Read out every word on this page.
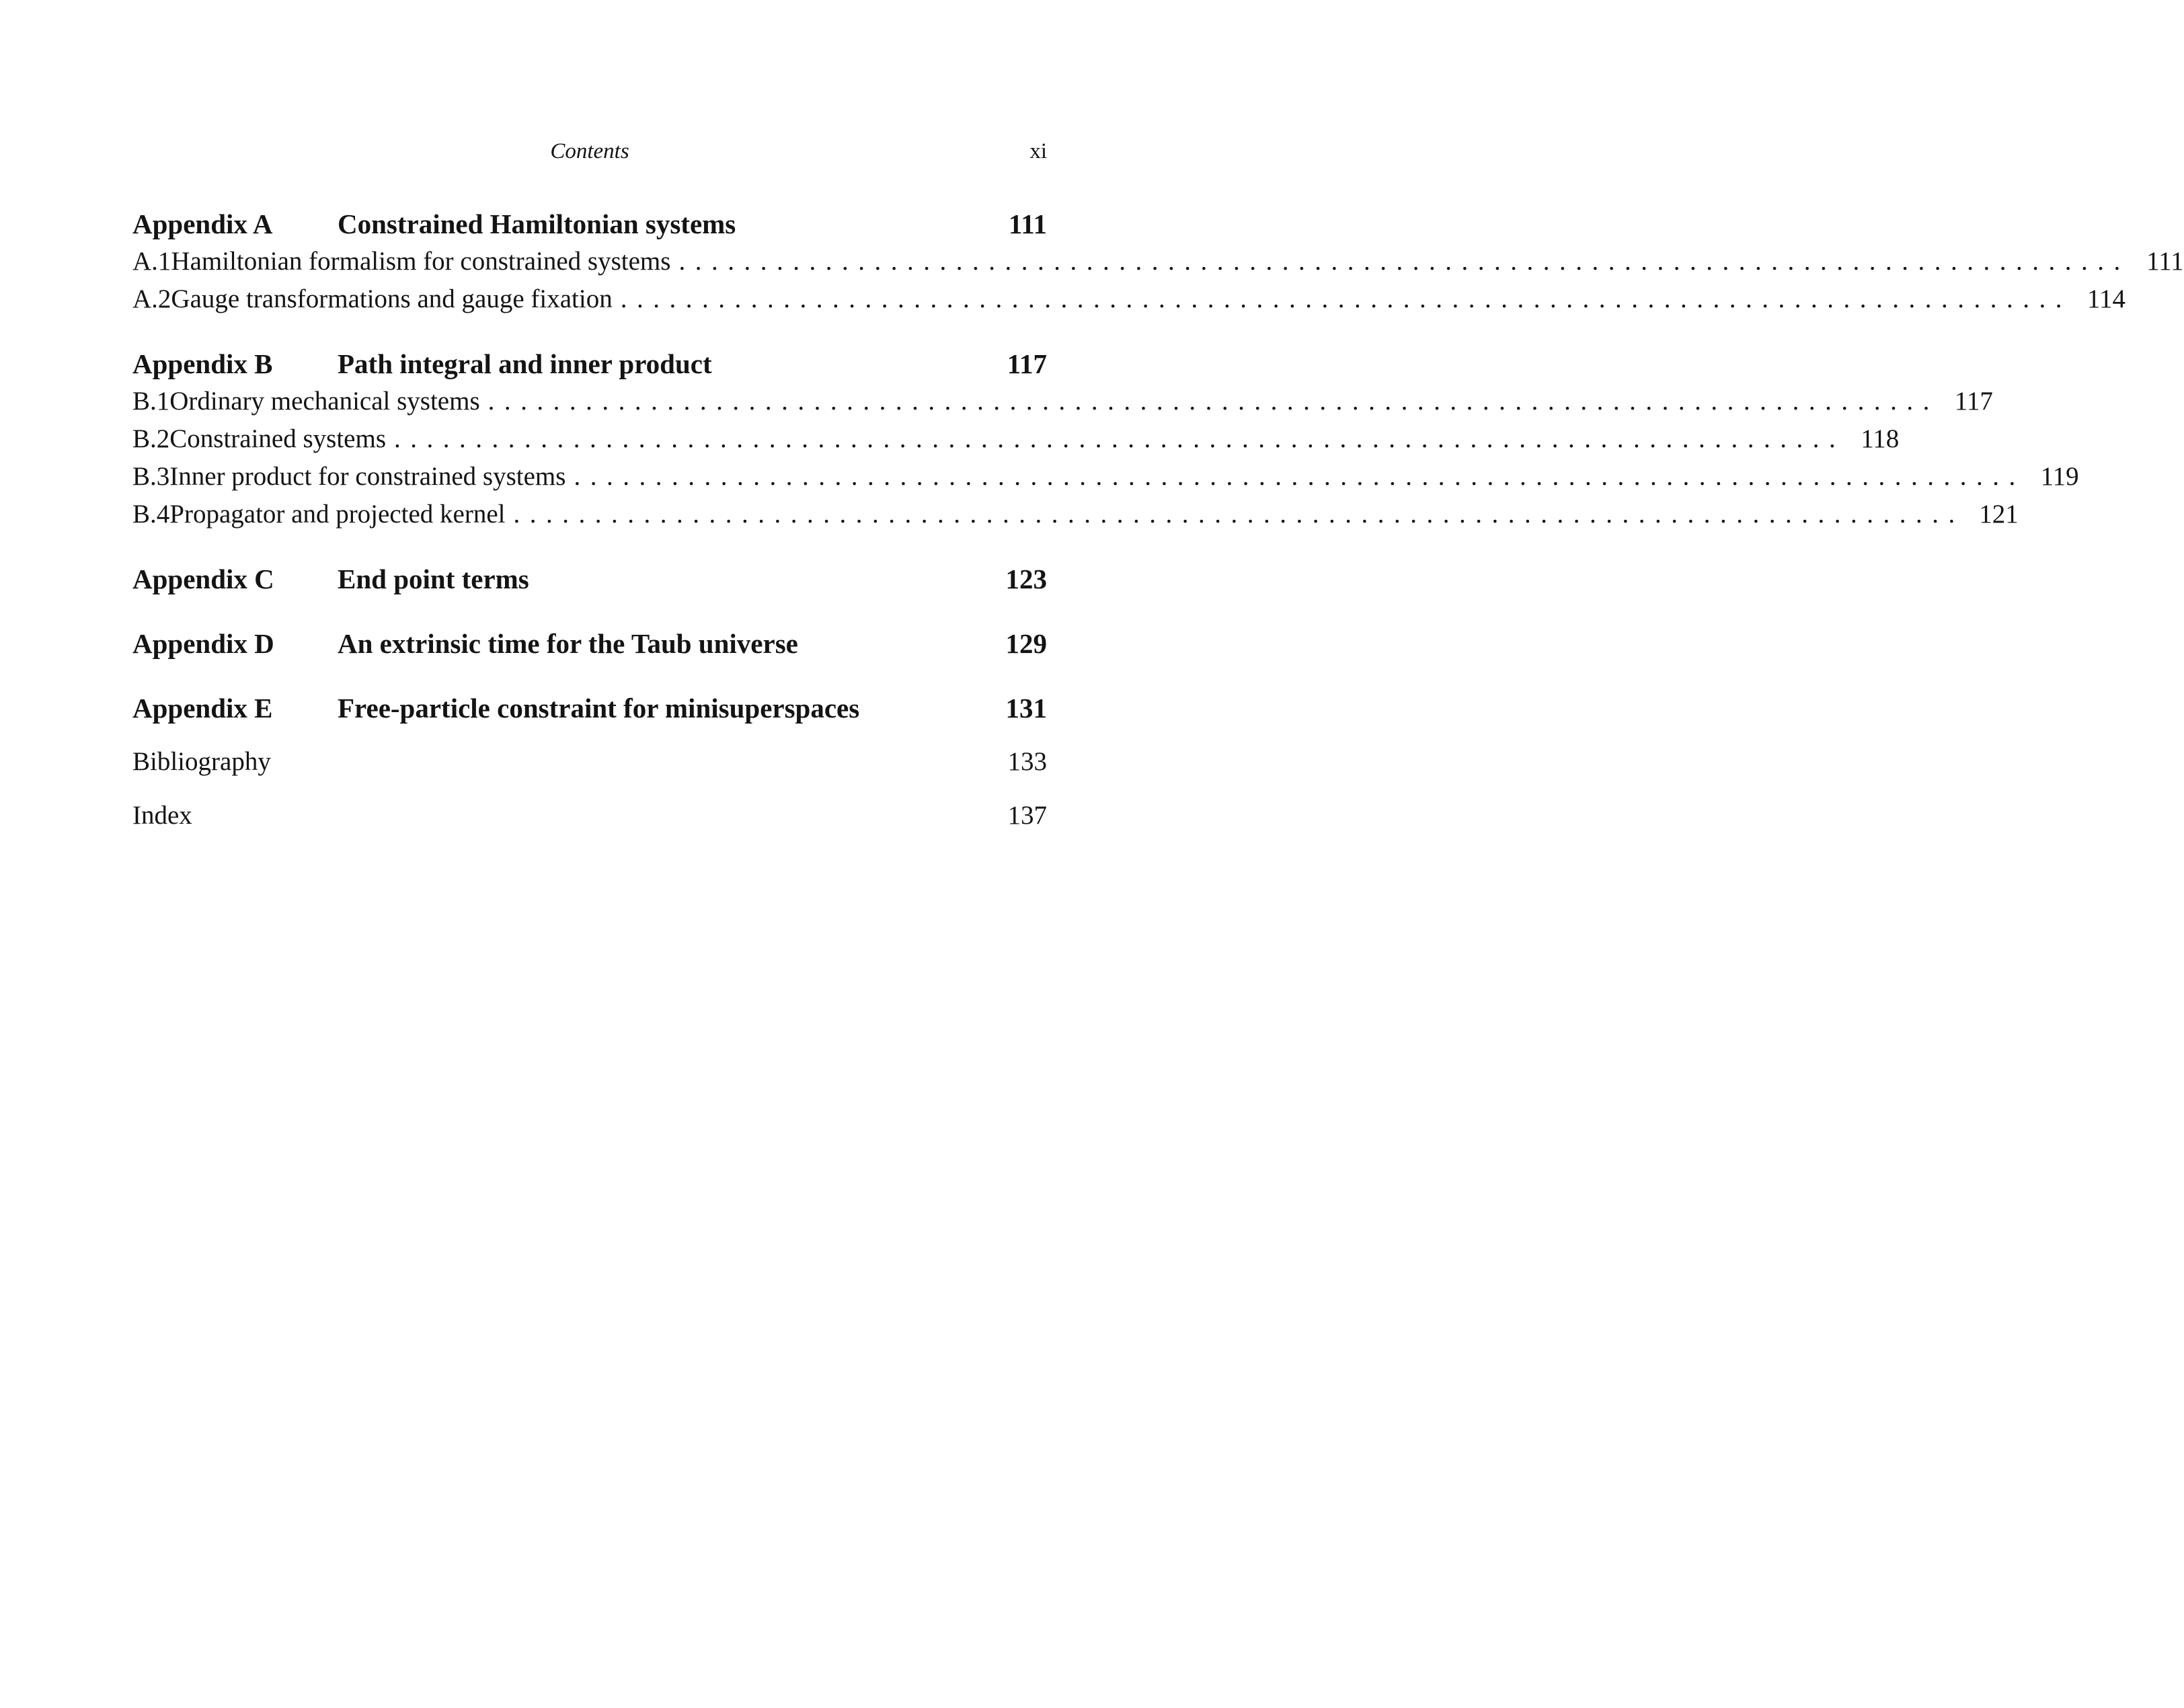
Contents	xi
Appendix A	Constrained Hamiltonian systems	111
A.1 Hamiltonian formalism for constrained systems ......................................................................................... 111
A.2 Gauge transformations and gauge fixation ......................................................................................... 114
Appendix B	Path integral and inner product	117
B.1 Ordinary mechanical systems ......................................................................................... 117
B.2 Constrained systems ......................................................................................... 118
B.3 Inner product for constrained systems ......................................................................................... 119
B.4 Propagator and projected kernel ......................................................................................... 121
Appendix C	End point terms	123
Appendix D	An extrinsic time for the Taub universe	129
Appendix E	Free-particle constraint for minisuperspaces	131
Bibliography	133
Index	137
